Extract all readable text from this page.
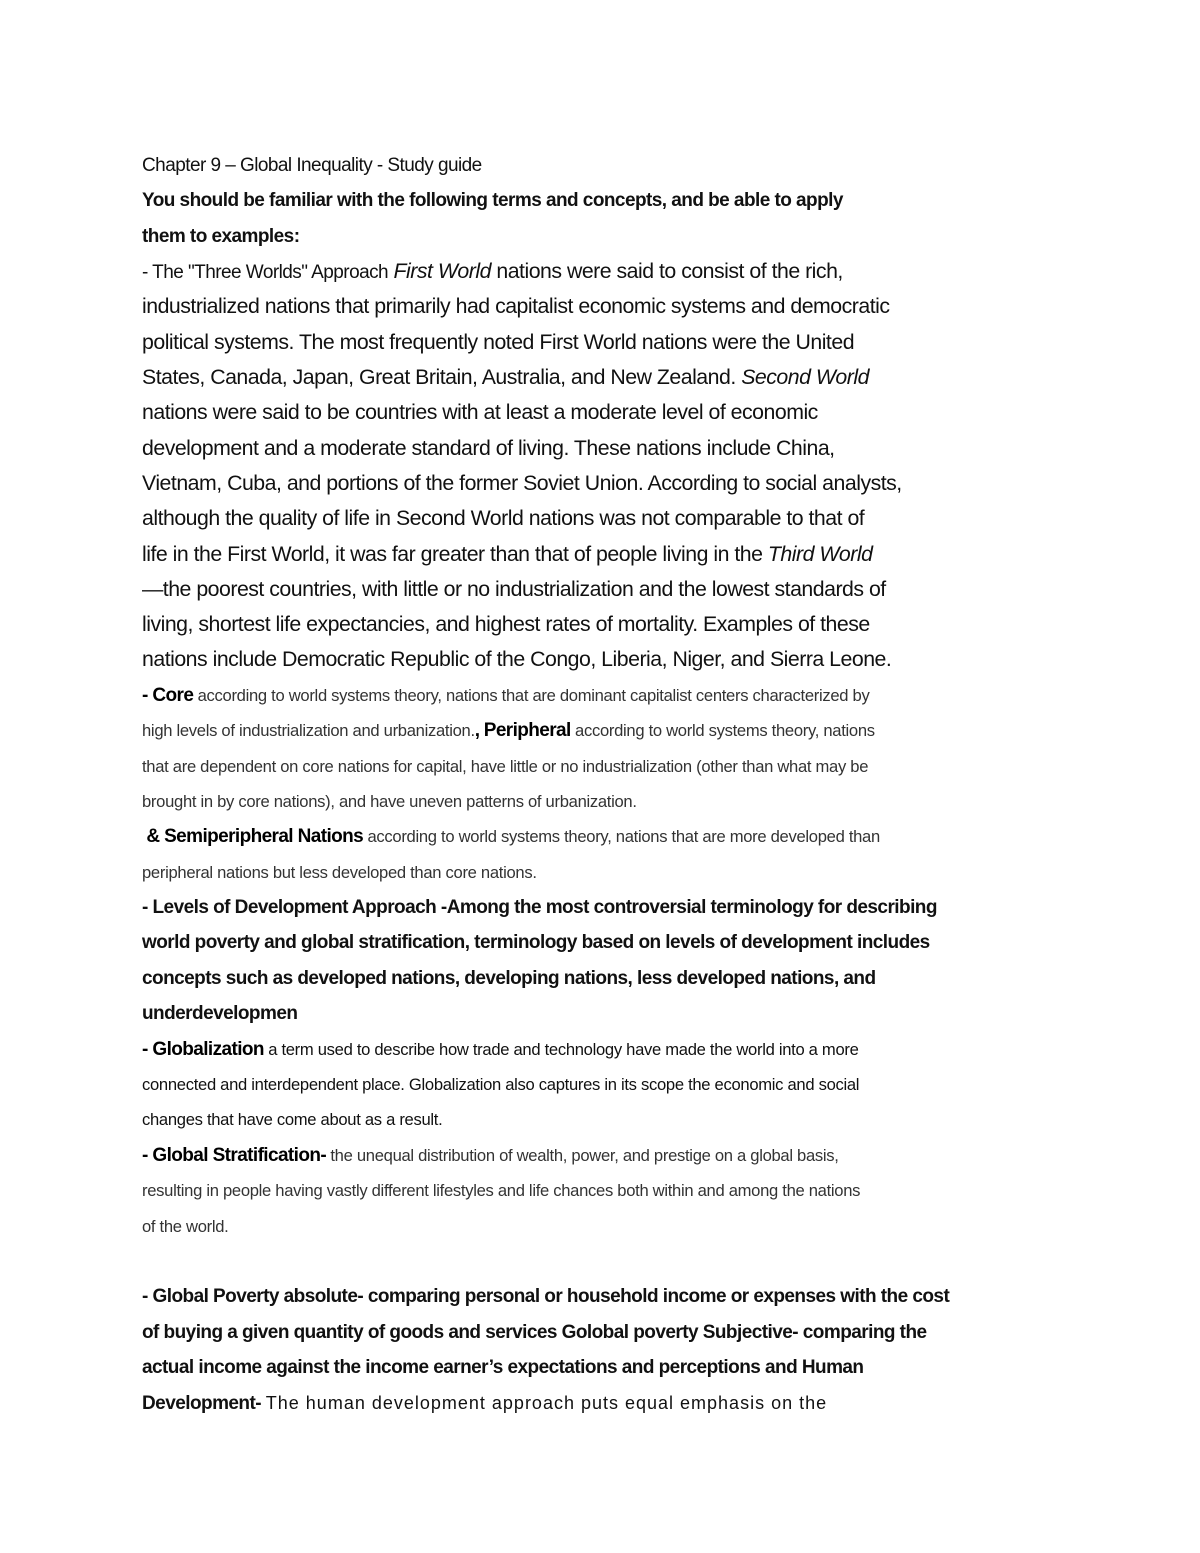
Chapter 9 – Global Inequality - Study guide
You should be familiar with the following terms and concepts, and be able to apply
them to examples:
- The "Three Worlds" Approach First World nations were said to consist of the rich,
industrialized nations that primarily had capitalist economic systems and democratic
political systems. The most frequently noted First World nations were the United
States, Canada, Japan, Great Britain, Australia, and New Zealand. Second World
nations were said to be countries with at least a moderate level of economic
development and a moderate standard of living. These nations include China,
Vietnam, Cuba, and portions of the former Soviet Union. According to social analysts,
although the quality of life in Second World nations was not comparable to that of
life in the First World, it was far greater than that of people living in the Third World
—the poorest countries, with little or no industrialization and the lowest standards of
living, shortest life expectancies, and highest rates of mortality. Examples of these
nations include Democratic Republic of the Congo, Liberia, Niger, and Sierra Leone.
- Core according to world systems theory, nations that are dominant capitalist centers characterized by
high levels of industrialization and urbanization., Peripheral according to world systems theory, nations
that are dependent on core nations for capital, have little or no industrialization (other than what may be
brought in by core nations), and have uneven patterns of urbanization.
& Semiperipheral Nations according to world systems theory, nations that are more developed than
peripheral nations but less developed than core nations.
- Levels of Development Approach -Among the most controversial terminology for describing
world poverty and global stratification, terminology based on levels of development includes
concepts such as developed nations, developing nations, less developed nations, and
underdevelopmen
- Globalization a term used to describe how trade and technology have made the world into a more
connected and interdependent place. Globalization also captures in its scope the economic and social
changes that have come about as a result.
- Global Stratification- the unequal distribution of wealth, power, and prestige on a global basis,
resulting in people having vastly different lifestyles and life chances both within and among the nations
of the world.
- Global Poverty absolute- comparing personal or household income or expenses with the cost
of buying a given quantity of goods and services Golobal poverty Subjective- comparing the
actual income against the income earner’s expectations and perceptions and Human
Development- The human development approach puts equal emphasis on the
